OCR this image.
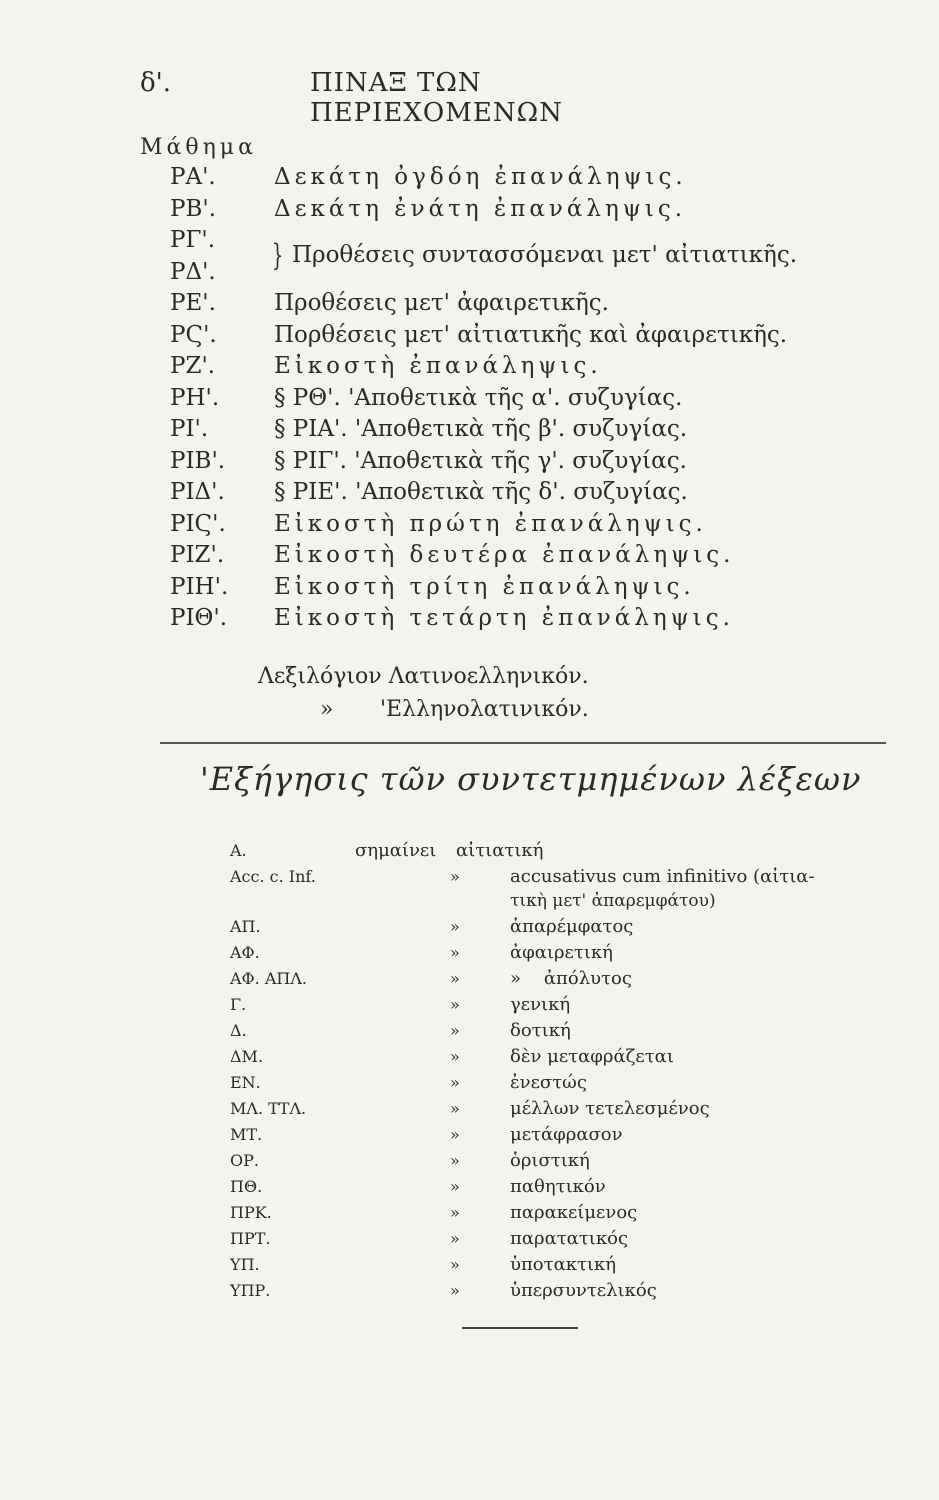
δ'.	ΠΙΝΑΞ ΤΩΝ ΠΕΡΙΕΧΟΜΕΝΩΝ
Μάθημα
ΡΑ'.	Δεκάτη ὀγδόη ἐπανάληψις.
ΡΒ'.	Δεκάτη ἐνάτη ἐπανάληψις.
ΡΓ'.	} Προθέσεις συντασσόμεναι μετ' αἰτιατικῆς.
ΡΔ'.
ΡΕ'.	Προθέσεις μετ' ἀφαιρετικῆς.
ΡϚ'.	Πορθέσεις μετ' αἰτιατικῆς καὶ ἀφαιρετικῆς.
ΡΖ'.	Εἰκοστὴ ἐπανάληψις.
ΡΗ'.	§ ΡΘ'. 'Αποθετικὰ τῆς α'. συζυγίας.
ΡΙ'.	§ ΡΙΑ'. 'Αποθετικὰ τῆς β'. συζυγίας.
ΡΙΒ'.	§ ΡΙΓ'. 'Αποθετικὰ τῆς γ'. συζυγίας.
ΡΙΔ'.	§ ΡΙΕ'. 'Αποθετικὰ τῆς δ'. συζυγίας.
ΡΙϚ'.	Εἰκοστὴ πρώτη ἐπανάληψις.
ΡΙΖ'.	Εἰκοστὴ δευτέρα ἐπανάληψις.
ΡΙΗ'.	Εἰκοστὴ τρίτη ἐπανάληψις.
ΡΙΘ'.	Εἰκοστὴ τετάρτη ἐπανάληψις.
Λεξιλόγιον Λατινοελληνικόν.
» 'Ελληνολατινικόν.
'Εξήγησις τῶν συντετμημένων λέξεων
Α.	σημαίνει αἰτιατική
Acc. c. Inf.	»	accusativus cum infinitivo (αἰτια-
τικὴ μετ' ἀπαρεμφάτου)
ΑΠ.	»	ἀπαρέμφατος
ΑΦ.	»	ἀφαιρετική
ΑΦ. ΑΠΛ.	»	»    ἀπόλυτος
Γ.	»	γενική
Δ.	»	δοτική
ΔΜ.	»	δὲν μεταφράζεται
ΕΝ.	»	ἐνεστώς
ΜΛ. ΤΤΛ.	»	μέλλων τετελεσμένος
ΜΤ.	»	μετάφρασον
ΟΡ.	»	ὁριστική
ΠΘ.	»	παθητικόν
ΠΡΚ.	»	παρακείμενος
ΠΡΤ.	»	παρατατικός
ΥΠ.	»	ὑποτακτική
ΥΠΡ.	»	ὑπερσυντελικός
